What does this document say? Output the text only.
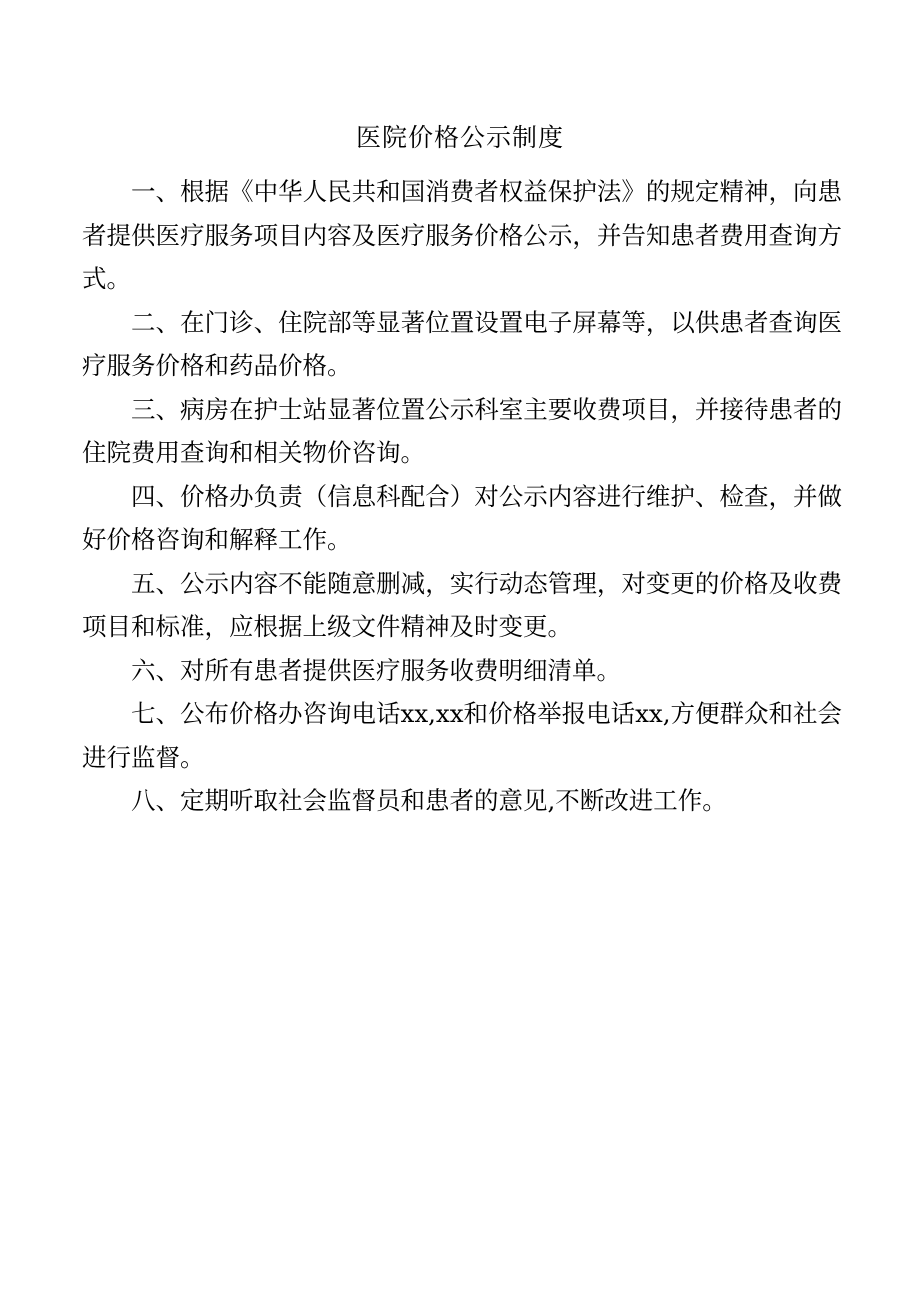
医院价格公示制度

一、根据《中华人民共和国消费者权益保护法》的规定精神，向患者提供医疗服务项目内容及医疗服务价格公示，并告知患者费用查询方式。

二、在门诊、住院部等显著位置设置电子屏幕等，以供患者查询医疗服务价格和药品价格。

三、病房在护士站显著位置公示科室主要收费项目，并接待患者的住院费用查询和相关物价咨询。

四、价格办负责（信息科配合）对公示内容进行维护、检查，并做好价格咨询和解释工作。

五、公示内容不能随意删减，实行动态管理，对变更的价格及收费项目和标准，应根据上级文件精神及时变更。

六、对所有患者提供医疗服务收费明细清单。

七、公布价格办咨询电话xx,xx和价格举报电话xx,方便群众和社会进行监督。

八、定期听取社会监督员和患者的意见,不断改进工作。
